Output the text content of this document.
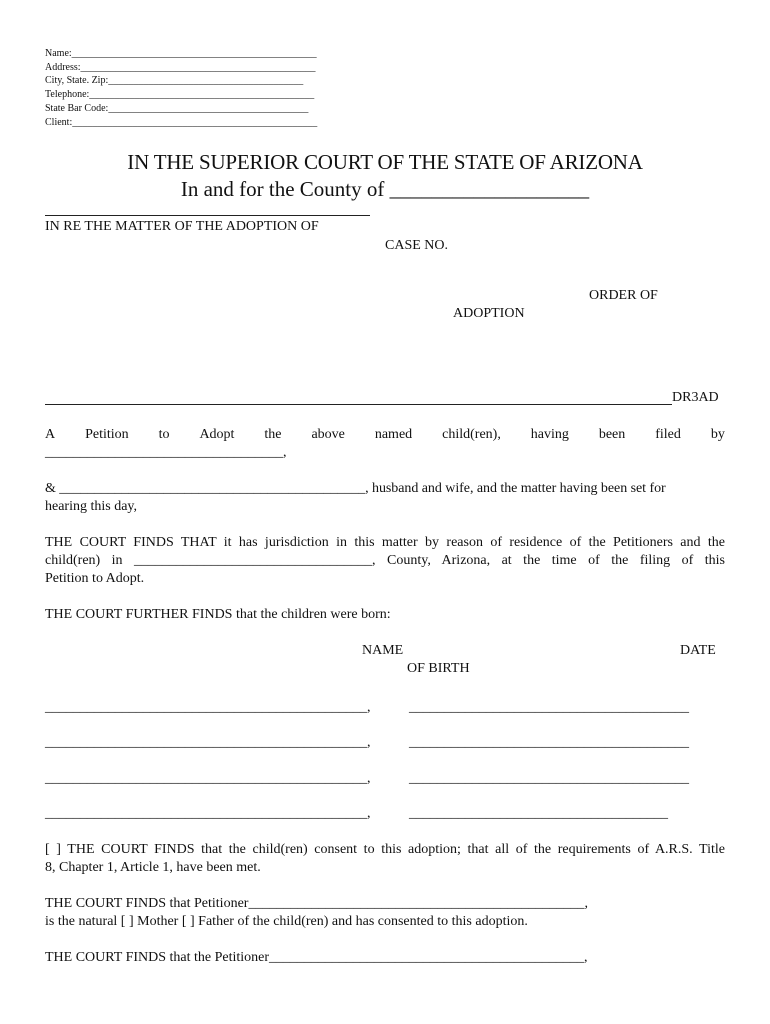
Name:_________________________________________________
Address:_______________________________________________
City, State. Zip:_______________________________________
Telephone:_____________________________________________
State Bar Code:________________________________________
Client:_________________________________________________
IN THE SUPERIOR COURT OF THE STATE OF ARIZONA
In and for the County of ___________________
IN RE THE MATTER OF THE ADOPTION OF
CASE NO.
ORDER OF
ADOPTION
DR3AD
A Petition to Adopt the above named child(ren), having been filed by
__________________________________,
& ____________________________________________, husband and wife, and the matter having been set for
hearing this day,
THE COURT FINDS THAT it has jurisdiction in this matter by reason of residence of the Petitioners and the
child(ren) in __________________________________, County, Arizona, at the time of the filing of this
Petition to Adopt.
THE COURT FURTHER FINDS that the children were born:
NAME	DATE
OF BIRTH
______________________________________________,	________________________________________
______________________________________________,	________________________________________
______________________________________________,	________________________________________
______________________________________________,	_____________________________________
[ ] THE COURT FINDS that the child(ren) consent to this adoption; that all of the requirements of A.R.S. Title
8, Chapter 1, Article 1, have been met.
THE COURT FINDS that Petitioner________________________________________________,
is the natural [ ] Mother [ ] Father of the child(ren) and has consented to this adoption.
THE COURT FINDS that the Petitioner_____________________________________________,
